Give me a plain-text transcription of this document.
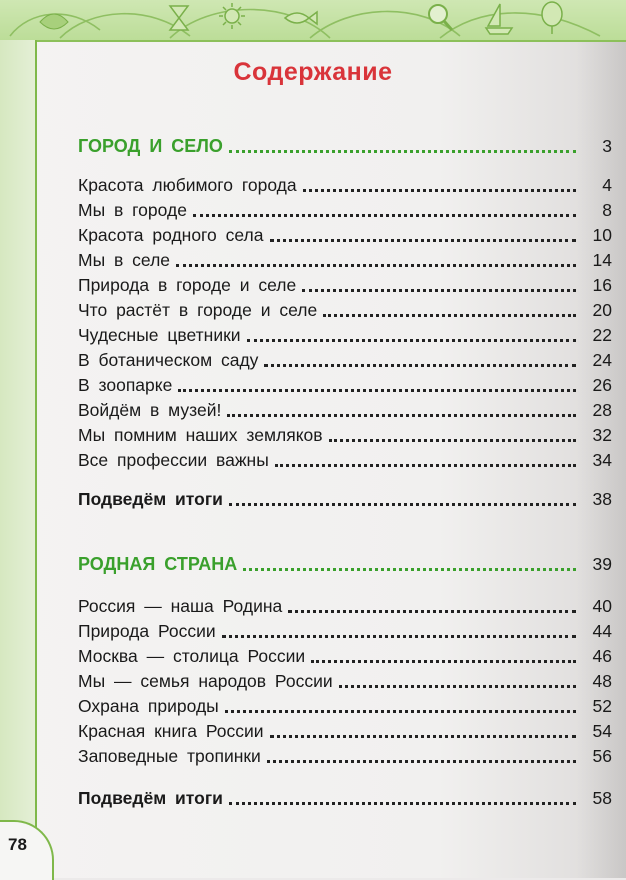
78
Содержание
ГОРОД И СЕЛО	3
Красота любимого города	4
Мы в городе	8
Красота родного села	10
Мы в селе	14
Природа в городе и селе	16
Что растёт в городе и селе	20
Чудесные цветники	22
В ботаническом саду	24
В зоопарке	26
Войдём в музей!	28
Мы помним наших земляков	32
Все профессии важны	34
Подведём итоги	38
РОДНАЯ СТРАНА	39
Россия — наша Родина	40
Природа России	44
Москва — столица России	46
Мы — семья народов России	48
Охрана природы	52
Красная книга России	54
Заповедные тропинки	56
Подведём итоги	58
